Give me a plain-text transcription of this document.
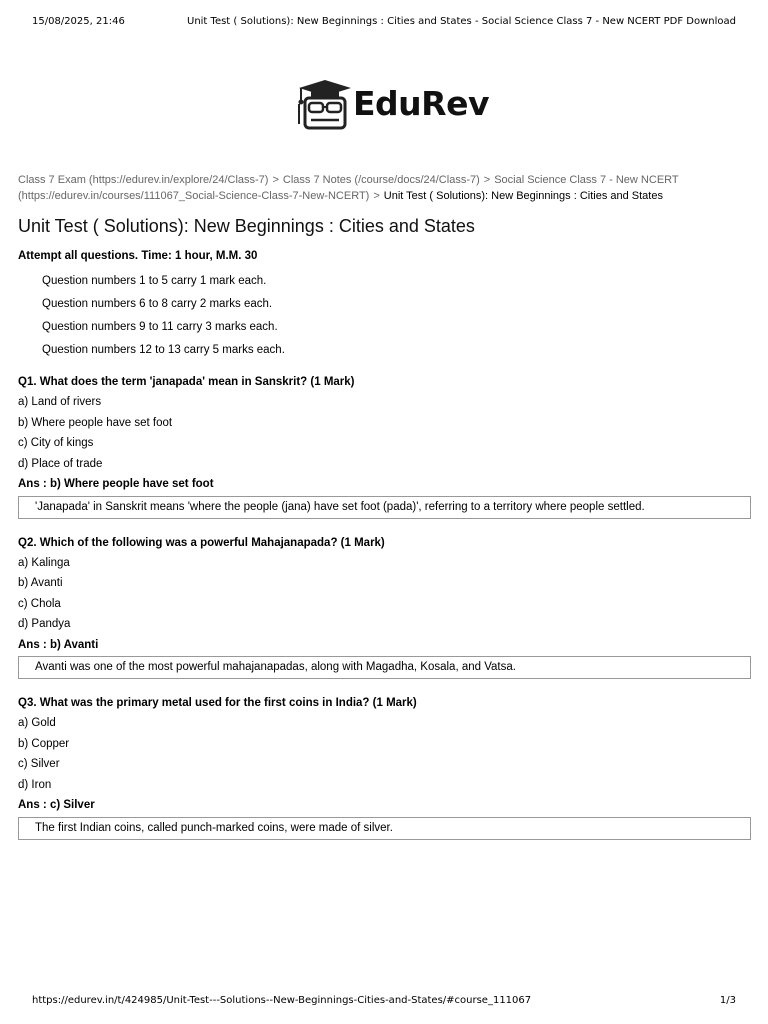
15/08/2025, 21:46	Unit Test ( Solutions): New Beginnings : Cities and States - Social Science Class 7 - New NCERT PDF Download
EduRev
Class 7 Exam (https://edurev.in/explore/24/Class-7) > Class 7 Notes (/course/docs/24/Class-7) > Social Science Class 7 - New NCERT (https://edurev.in/courses/111067_Social-Science-Class-7-New-NCERT) > Unit Test ( Solutions): New Beginnings : Cities and States
Unit Test ( Solutions): New Beginnings : Cities and States
Attempt all questions. Time: 1 hour, M.M. 30
Question numbers 1 to 5 carry 1 mark each.
Question numbers 6 to 8 carry 2 marks each.
Question numbers 9 to 11 carry 3 marks each.
Question numbers 12 to 13 carry 5 marks each.
Q1. What does the term 'janapada' mean in Sanskrit? (1 Mark)
a) Land of rivers
b) Where people have set foot
c) City of kings
d) Place of trade
Ans : b) Where people have set foot
'Janapada' in Sanskrit means 'where the people (jana) have set foot (pada)', referring to a territory where people settled.
Q2. Which of the following was a powerful Mahajanapada? (1 Mark)
a) Kalinga
b) Avanti
c) Chola
d) Pandya
Ans : b) Avanti
Avanti was one of the most powerful mahajanapadas, along with Magadha, Kosala, and Vatsa.
Q3. What was the primary metal used for the first coins in India? (1 Mark)
a) Gold
b) Copper
c) Silver
d) Iron
Ans : c) Silver
The first Indian coins, called punch-marked coins, were made of silver.
https://edurev.in/t/424985/Unit-Test---Solutions--New-Beginnings-Cities-and-States/#course_111067	1/3
